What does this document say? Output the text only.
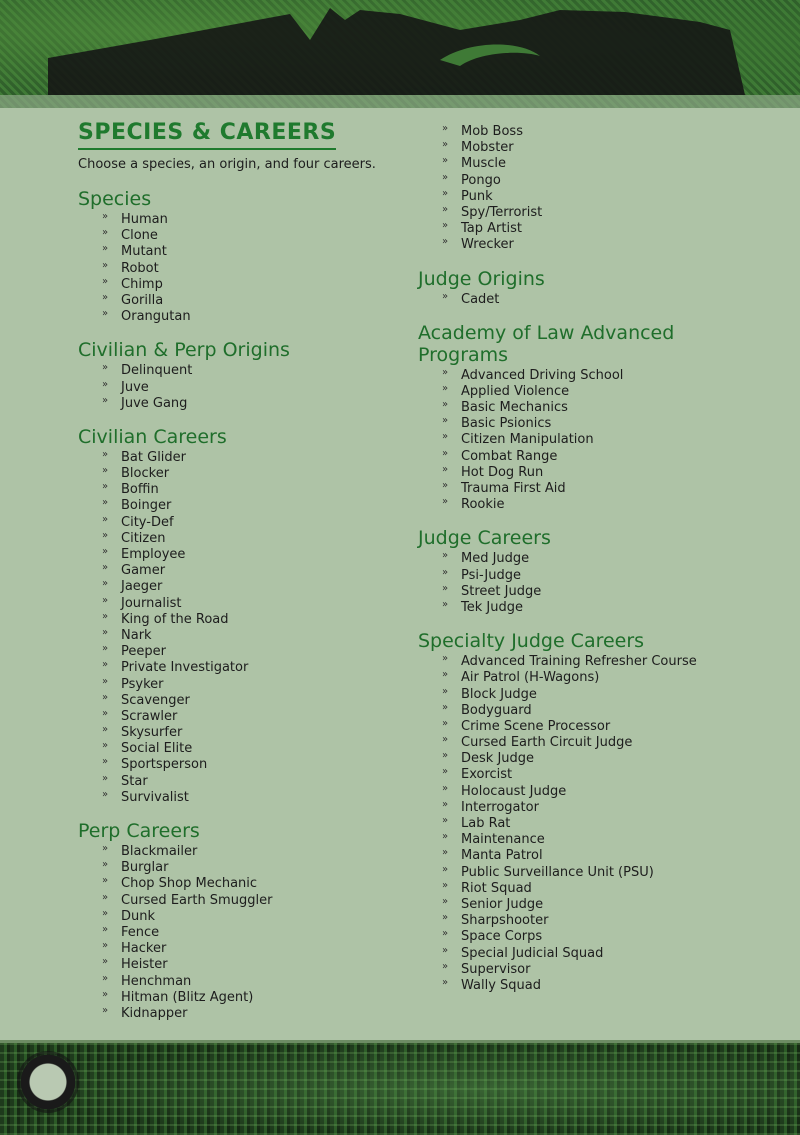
SPECIES & CAREERS

Choose a species, an origin, and four careers.

Species
» Human
» Clone
» Mutant
» Robot
» Chimp
» Gorilla
» Orangutan
Civilian & Perp Origins
» Delinquent
» Juve
» Juve Gang
Civilian Careers
» Bat Glider
» Blocker
» Boffin
» Boinger
» City-Def
» Citizen
» Employee
» Gamer
» Jaeger
» Journalist
» King of the Road
» Nark
» Peeper
» Private Investigator
» Psyker
» Scavenger
» Scrawler
» Skysurfer
» Social Elite
» Sportsperson
» Star
» Survivalist
Perp Careers
» Blackmailer
» Burglar
» Chop Shop Mechanic
» Cursed Earth Smuggler
» Dunk
» Fence
» Hacker
» Heister
» Henchman
» Hitman (Blitz Agent)
» Kidnapper
» Mob Boss
» Mobster
» Muscle
» Pongo
» Punk
» Spy/Terrorist
» Tap Artist
» Wrecker
Judge Origins
» Cadet
Academy of Law Advanced
Programs
» Advanced Driving School
» Applied Violence
» Basic Mechanics
» Basic Psionics
» Citizen Manipulation
» Combat Range
» Hot Dog Run
» Trauma First Aid
» Rookie
Judge Careers
» Med Judge
» Psi-Judge
» Street Judge
» Tek Judge
Specialty Judge Careers
» Advanced Training Refresher Course
» Air Patrol (H-Wagons)
» Block Judge
» Bodyguard
» Crime Scene Processor
» Cursed Earth Circuit Judge
» Desk Judge
» Exorcist
» Holocaust Judge
» Interrogator
» Lab Rat
» Maintenance
» Manta Patrol
» Public Surveillance Unit (PSU)
» Riot Squad
» Senior Judge
» Sharpshooter
» Space Corps
» Special Judicial Squad
» Supervisor
» Wally Squad
